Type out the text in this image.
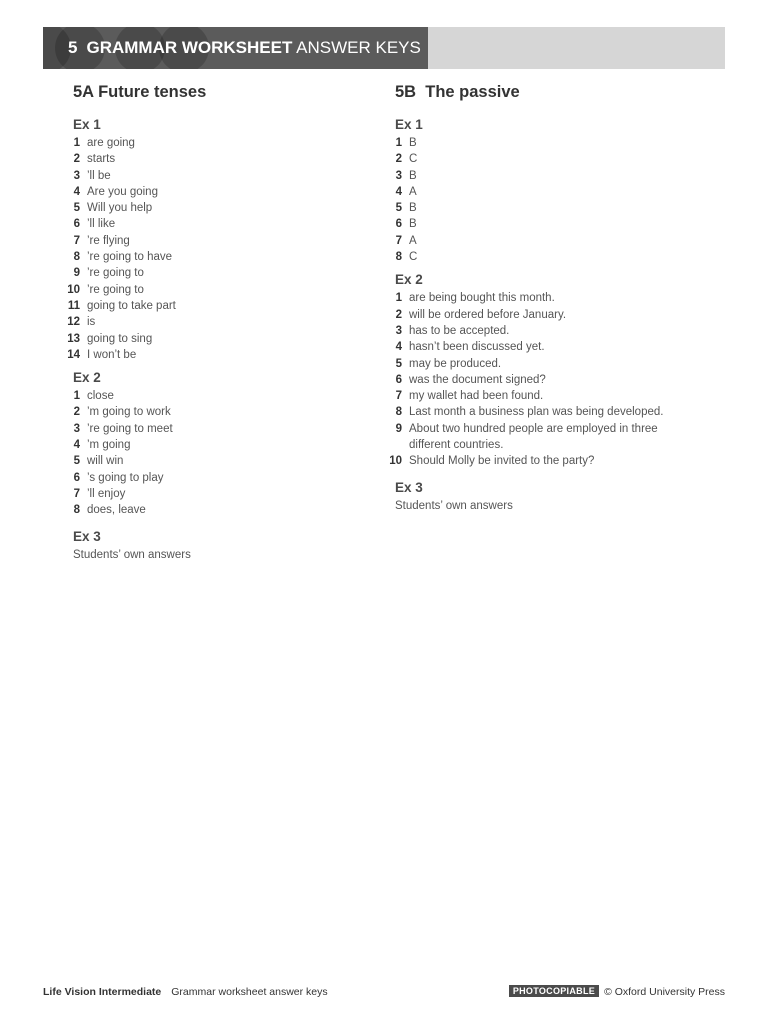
5 GRAMMAR WORKSHEET ANSWER KEYS
5A Future tenses
Ex 1
1 are going
2 starts
3 ’ll be
4 Are you going
5 Will you help
6 ’ll like
7 ’re flying
8 ’re going to have
9 ’re going to
10 ’re going to
11 going to take part
12 is
13 going to sing
14 I won’t be
Ex 2
1 close
2 ’m going to work
3 ’re going to meet
4 ’m going
5 will win
6 ’s going to play
7 ’ll enjoy
8 does, leave
Ex 3
Students’ own answers
5B  The passive
Ex 1
1 B
2 C
3 B
4 A
5 B
6 B
7 A
8 C
Ex 2
1 are being bought this month.
2 will be ordered before January.
3 has to be accepted.
4 hasn’t been discussed yet.
5 may be produced.
6 was the document signed?
7 my wallet had been found.
8 Last month a business plan was being developed.
9 About two hundred people are employed in three different countries.
10 Should Molly be invited to the party?
Ex 3
Students’ own answers
Life Vision Intermediate Grammar worksheet answer keys	PHOTOCOPIABLE © Oxford University Press
